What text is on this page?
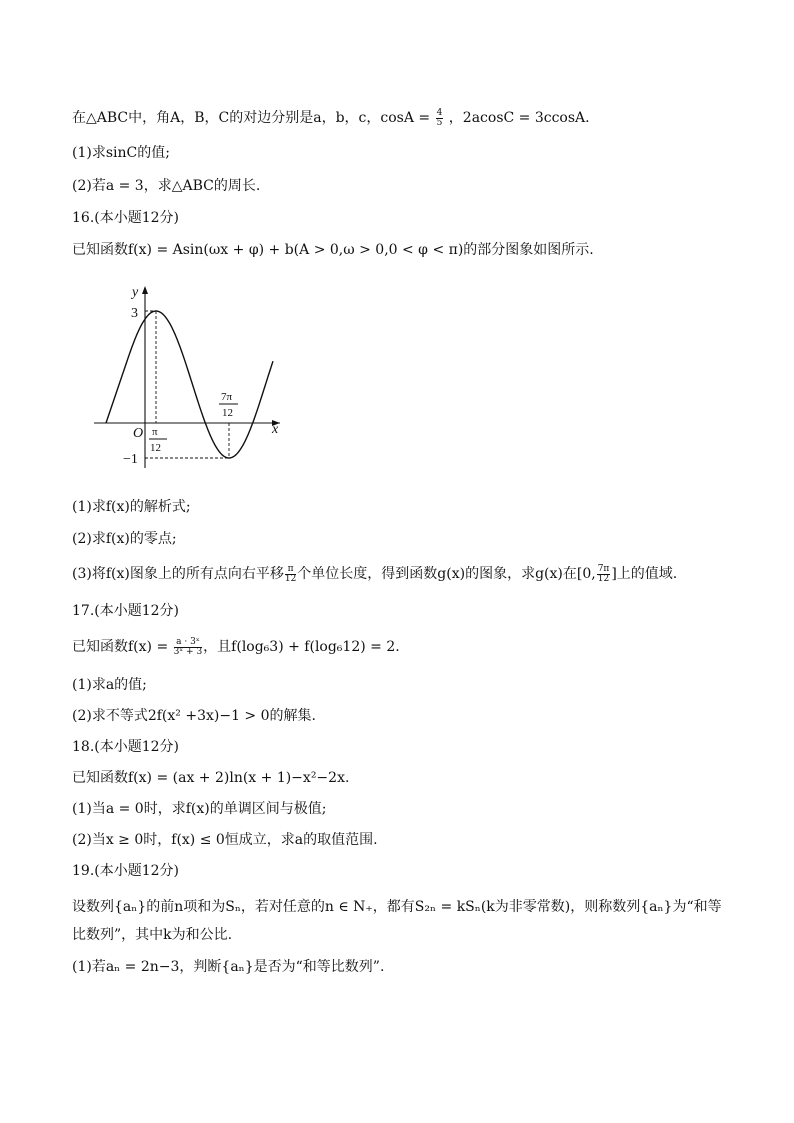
在△ABC中，角A，B，C的对边分别是a，b，c，$\cos A = \frac{4}{5}$ ，2acosC = 3ccosA.
(1)求sinC的值;
(2)若a = 3，求△ABC的周长.
16.(本小题12分)
已知函数f(x) = Asin(ωx + φ) + b(A > 0,ω > 0,0 < φ < π)的部分图象如图所示.
y
x
O
3
−1
π
12
7π
12
(1)求f(x)的解析式;
(2)求f(x)的零点;
(3)将f(x)图象上的所有点向右平移 $\frac{\pi}{12}$ 个单位长度，得到函数g(x)的图象，求g(x)在[0, $\frac{7\pi}{12}$ ]上的值域.
17.(本小题12分)
已知函数$f(x) = \frac{\text{a · 3ˣ}}{\text{3ˣ + 3}}$ ，且f(log₆3) + f(log₆12) = 2.
(1)求a的值;
(2)求不等式2f(x² +3x)−1 > 0的解集.
18.(本小题12分)
已知函数f(x) = (ax + 2)ln(x + 1)−x²−2x.
(1)当a = 0时，求f(x)的单调区间与极值;
(2)当x ≥ 0时，f(x) ≤ 0恒成立，求a的取值范围.
19.(本小题12分)
设数列{aₙ}的前n项和为Sₙ，若对任意的n ∈ N₊，都有S₂ₙ = kSₙ(k为非零常数)，则称数列{aₙ}为“和等比数列”，其中k为和公比.
(1)若aₙ = 2n−3，判断{aₙ}是否为“和等比数列”.
